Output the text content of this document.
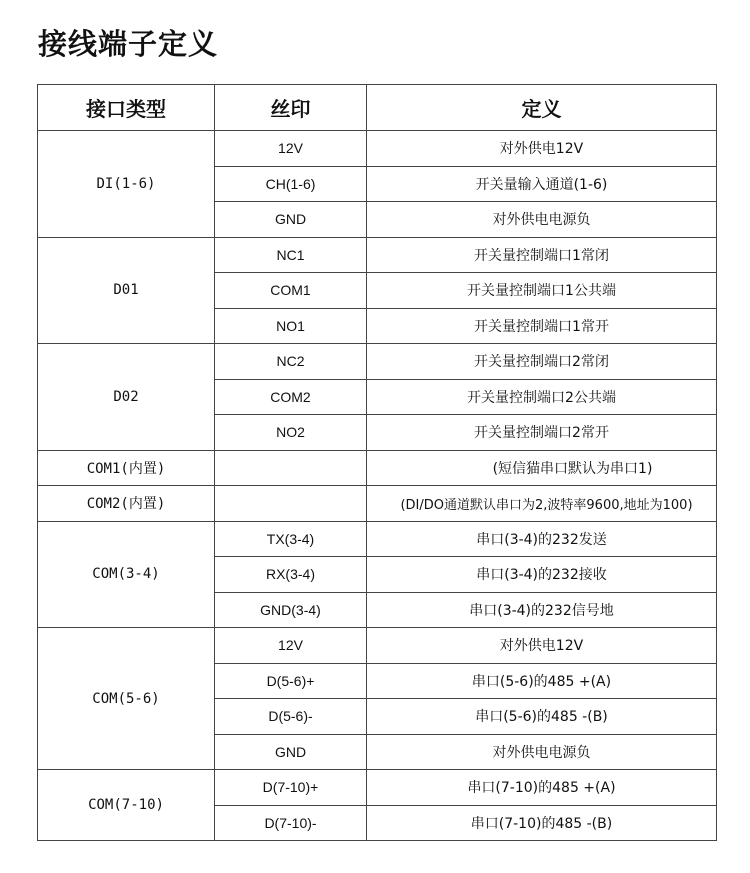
接线端子定义
接口类型	丝印	定义
DI(1-6)	12V	对外供电12V
	CH(1-6)	开关量输入通道(1-6)
	GND	对外供电电源负
D01	NC1	开关量控制端口1常闭
	COM1	开关量控制端口1公共端
	NO1	开关量控制端口1常开
D02	NC2	开关量控制端口2常闭
	COM2	开关量控制端口2公共端
	NO2	开关量控制端口2常开
COM1(内置)		(短信猫串口默认为串口1)
COM2(内置)		(DI/DO通道默认串口为2,波特率9600,地址为100)
COM(3-4)	TX(3-4)	串口(3-4)的232发送
	RX(3-4)	串口(3-4)的232接收
	GND(3-4)	串口(3-4)的232信号地
COM(5-6)	12V	对外供电12V
	D(5-6)+	串口(5-6)的485 +(A)
	D(5-6)-	串口(5-6)的485 -(B)
	GND	对外供电电源负
COM(7-10)	D(7-10)+	串口(7-10)的485 +(A)
	D(7-10)-	串口(7-10)的485 -(B)
